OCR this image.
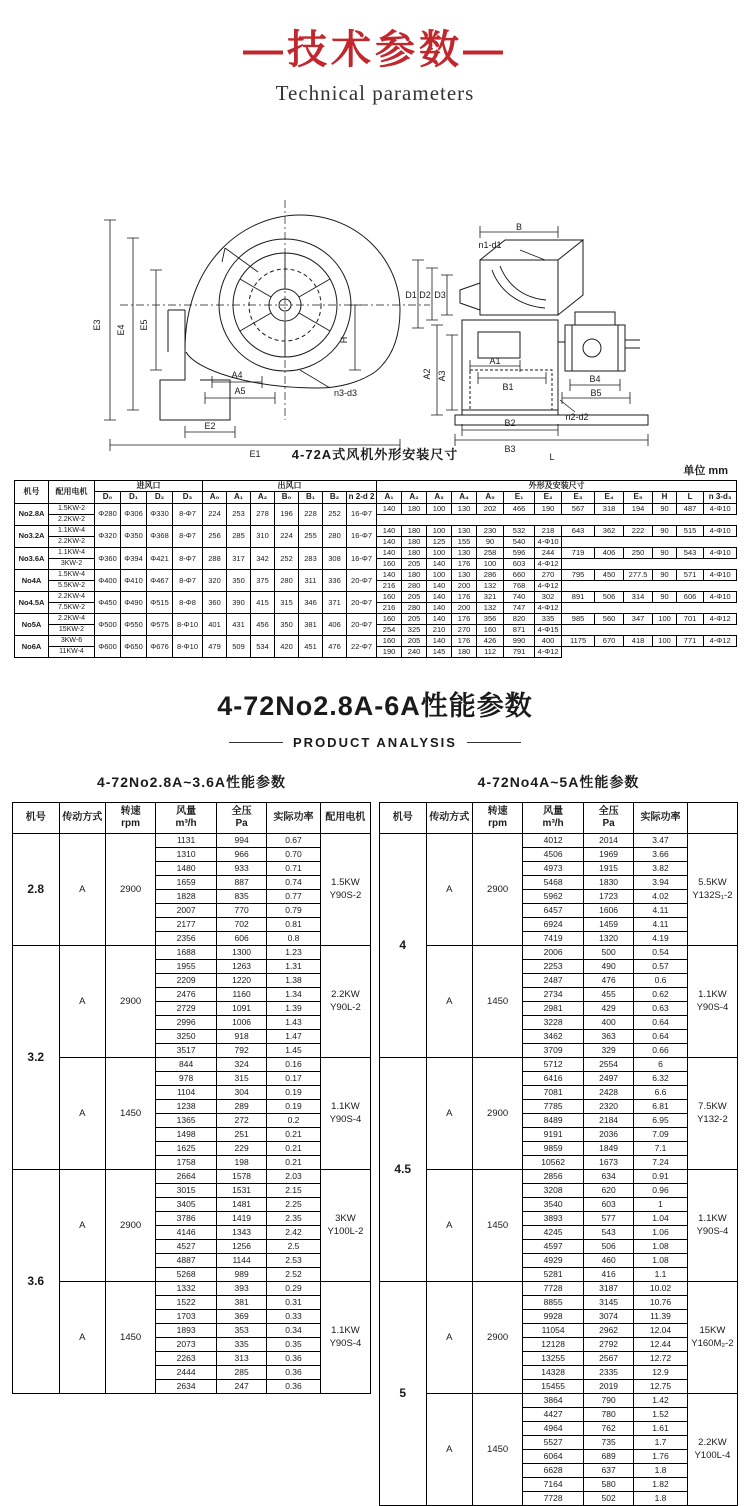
—技术参数—
Technical parameters
E3 E4 E5
H
n3-d3
A4
A5
E2
E1
B
n1-d1
D3
D2
D1
A3
A2
A1
B1
B2
B3
B4
B5
n2-d2
L
4-72A式风机外形安装尺寸
单位 mm
机号	配用电机	进风口				出风口							外形及安装尺寸												
		D₀	D₁	D₂	D₃	A₀	A₁	A₂	B₀	B₁	B₂	n 2-d 2	A₁	A₂	A₃	A₄	A₅	E₁	E₂	E₃	E₄	E₅	H	L	n 3-d₃
No2.8A	1.5KW-2	Φ280	Φ306	Φ330	8-Φ7	224	253	278	196	228	252	16-Φ7	140	180	100	130	202	466	190	567	318	194	90	487	4-Φ10
	2.2KW-2																								
No3.2A	1.1KW-4	Φ320	Φ350	Φ368	8-Φ7	256	285	310	224	255	280	16-Φ7	140	180	100	130	230	532	218	643	362	222	90	515	4-Φ10
	2.2KW-2												140	180	125	155	90	540	4-Φ10						
No3.6A	1.1KW-4	Φ360	Φ394	Φ421	8-Φ7	288	317	342	252	283	308	16-Φ7	140	180	100	130	258	596	244	719	406	250	90	543	4-Φ10
	3KW-2												160	205	140	176	100	603	4-Φ12						
No4A	1.5KW-4	Φ400	Φ410	Φ467	8-Φ7	320	350	375	280	311	336	20-Φ7	140	180	100	130	286	660	270	795	450	277.5	90	571	4-Φ10
	5.5KW-2												216	280	140	200	132	768	4-Φ12						
No4.5A	2.2KW-4	Φ450	Φ490	Φ515	8-Φ8	360	390	415	315	346	371	20-Φ7	160	205	140	176	321	740	302	891	506	314	90	606	4-Φ10
	7.5KW-2												216	280	140	200	132	747	4-Φ12						
No5A	2.2KW-4	Φ500	Φ550	Φ575	8-Φ10	401	431	456	350	381	406	20-Φ7	160	205	140	176	356	820	335	985	560	347	100	701	4-Φ12
	15KW-2												254	325	210	270	160	871	4-Φ15						
No6A	3KW-6	Φ600	Φ650	Φ676	8-Φ10	479	509	534	420	451	476	22-Φ7	160	205	140	176	426	990	400	1175	670	418	100	771	4-Φ12
	11KW-4												190	240	145	180	112	791	4-Φ12						
4-72No2.8A-6A性能参数
PRODUCT ANALYSIS
4-72No2.8A~3.6A性能参数
机号	传动方式	转速
rpm	风量
m³/h	全压
Pa	实际功率	配用电机
2.8	A	2900	1131	994	0.67	1.5KW
Y90S-2
			1310	966	0.70	
			1480	933	0.71	
			1659	887	0.74	
			1828	835	0.77	
			2007	770	0.79	
			2177	702	0.81	
			2356	606	0.8	
3.2	A	2900	1688	1300	1.23	2.2KW
Y90L-2
			1955	1263	1.31	
			2209	1220	1.38	
			2476	1160	1.34	
			2729	1091	1.39	
			2996	1006	1.43	
			3250	918	1.47	
			3517	792	1.45	
	A	1450	844	324	0.16	1.1KW
Y90S-4
			978	315	0.17	
			1104	304	0.19	
			1238	289	0.19	
			1365	272	0.2	
			1498	251	0.21	
			1625	229	0.21	
			1758	198	0.21	
3.6	A	2900	2664	1578	2.03	3KW
Y100L-2
			3015	1531	2.15	
			3405	1481	2.25	
			3786	1419	2.35	
			4146	1343	2.42	
			4527	1256	2.5	
			4887	1144	2.53	
			5268	989	2.52	
	A	1450	1332	393	0.29	1.1KW
Y90S-4
			1522	381	0.31	
			1703	369	0.33	
			1893	353	0.34	
			2073	335	0.35	
			2263	313	0.36	
			2444	285	0.36	
			2634	247	0.36	
4-72No4A~5A性能参数
机号	传动方式	转速
rpm	风量
m³/h	全压
Pa	实际功率	
4	A	2900	4012	2014	3.47	5.5KW
Y132S₁-2
			4506	1969	3.66	
			4973	1915	3.82	
			5468	1830	3.94	
			5962	1723	4.02	
			6457	1606	4.11	
			6924	1459	4.11	
			7419	1320	4.19	
	A	1450	2006	500	0.54	1.1KW
Y90S-4
			2253	490	0.57	
			2487	476	0.6	
			2734	455	0.62	
			2981	429	0.63	
			3228	400	0.64	
			3462	363	0.64	
			3709	329	0.66	
4.5	A	2900	5712	2554	6	7.5KW
Y132-2
			6416	2497	6.32	
			7081	2428	6.6	
			7785	2320	6.81	
			8489	2184	6.95	
			9191	2036	7.09	
			9859	1849	7.1	
			10562	1673	7.24	
	A	1450	2856	634	0.91	1.1KW
Y90S-4
			3208	620	0.96	
			3540	603	1	
			3893	577	1.04	
			4245	543	1.06	
			4597	506	1.08	
			4929	460	1.08	
			5281	416	1.1	
5	A	2900	7728	3187	10.02	15KW
Y160M₂-2
			8855	3145	10.76	
			9928	3074	11.39	
			11054	2962	12.04	
			12128	2792	12.44	
			13255	2567	12.72	
			14328	2335	12.9	
			15455	2019	12.75	
	A	1450	3864	790	1.42	2.2KW
Y100L-4
			4427	780	1.52	
			4964	762	1.61	
			5527	735	1.7	
			6064	689	1.76	
			6628	637	1.8	
			7164	580	1.82	
			7728	502	1.8	
